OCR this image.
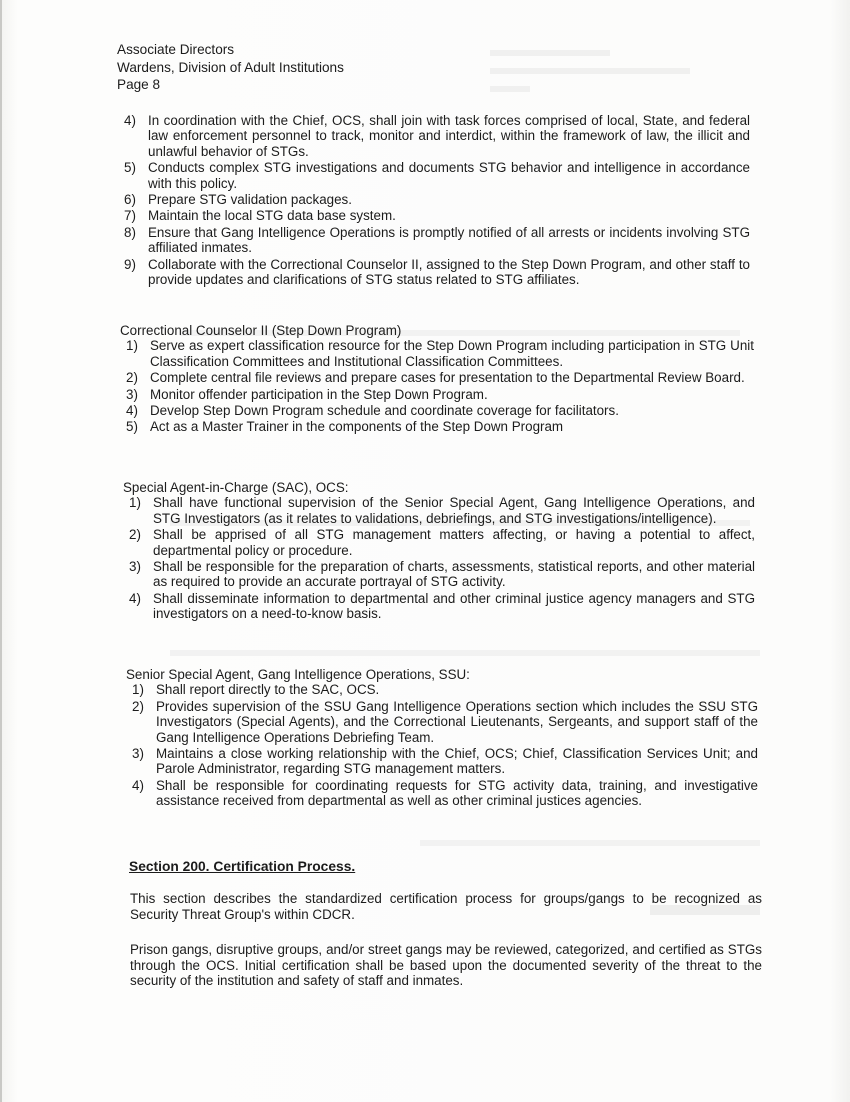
Associate Directors
Wardens, Division of Adult Institutions
Page 8
4) In coordination with the Chief, OCS, shall join with task forces comprised of local, State, and federal law enforcement personnel to track, monitor and interdict, within the framework of law, the illicit and unlawful behavior of STGs.
5) Conducts complex STG investigations and documents STG behavior and intelligence in accordance with this policy.
6) Prepare STG validation packages.
7) Maintain the local STG data base system.
8) Ensure that Gang Intelligence Operations is promptly notified of all arrests or incidents involving STG affiliated inmates.
9) Collaborate with the Correctional Counselor II, assigned to the Step Down Program, and other staff to provide updates and clarifications of STG status related to STG affiliates.
Correctional Counselor II (Step Down Program)
1) Serve as expert classification resource for the Step Down Program including participation in STG Unit Classification Committees and Institutional Classification Committees.
2) Complete central file reviews and prepare cases for presentation to the Departmental Review Board.
3) Monitor offender participation in the Step Down Program.
4) Develop Step Down Program schedule and coordinate coverage for facilitators.
5) Act as a Master Trainer in the components of the Step Down Program
Special Agent-in-Charge (SAC), OCS:
1) Shall have functional supervision of the Senior Special Agent, Gang Intelligence Operations, and STG Investigators (as it relates to validations, debriefings, and STG investigations/intelligence).
2) Shall be apprised of all STG management matters affecting, or having a potential to affect, departmental policy or procedure.
3) Shall be responsible for the preparation of charts, assessments, statistical reports, and other material as required to provide an accurate portrayal of STG activity.
4) Shall disseminate information to departmental and other criminal justice agency managers and STG investigators on a need-to-know basis.
Senior Special Agent, Gang Intelligence Operations, SSU:
1) Shall report directly to the SAC, OCS.
2) Provides supervision of the SSU Gang Intelligence Operations section which includes the SSU STG Investigators (Special Agents), and the Correctional Lieutenants, Sergeants, and support staff of the Gang Intelligence Operations Debriefing Team.
3) Maintains a close working relationship with the Chief, OCS; Chief, Classification Services Unit; and Parole Administrator, regarding STG management matters.
4) Shall be responsible for coordinating requests for STG activity data, training, and investigative assistance received from departmental as well as other criminal justices agencies.
Section 200. Certification Process.
This section describes the standardized certification process for groups/gangs to be recognized as Security Threat Group's within CDCR.
Prison gangs, disruptive groups, and/or street gangs may be reviewed, categorized, and certified as STGs through the OCS. Initial certification shall be based upon the documented severity of the threat to the security of the institution and safety of staff and inmates.
